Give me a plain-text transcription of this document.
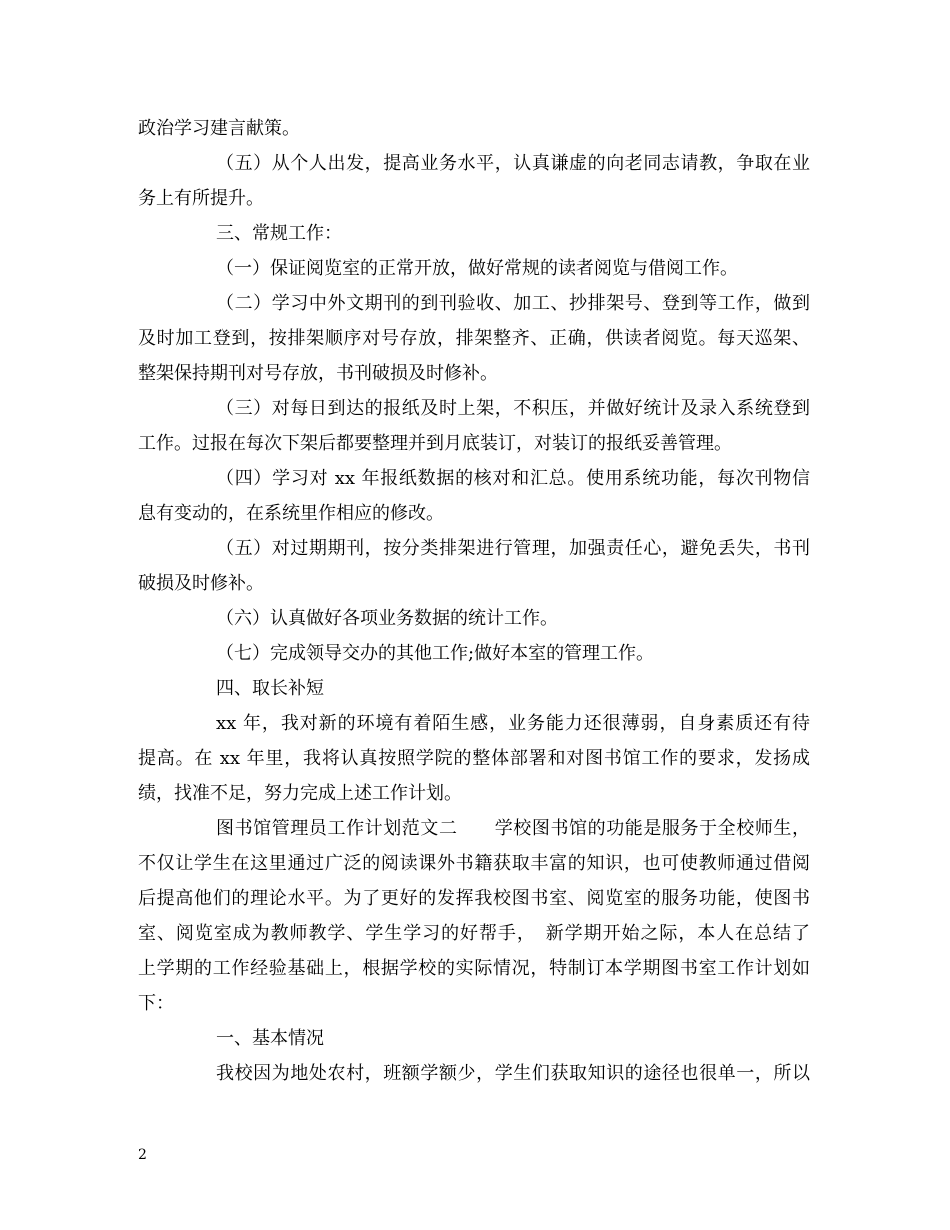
政治学习建言献策。
（五）从个人出发，提高业务水平，认真谦虚的向老同志请教，争取在业
务上有所提升。
三、常规工作：
（一）保证阅览室的正常开放，做好常规的读者阅览与借阅工作。
（二）学习中外文期刊的到刊验收、加工、抄排架号、登到等工作，做到
及时加工登到，按排架顺序对号存放，排架整齐、正确，供读者阅览。每天巡架、
整架保持期刊对号存放，书刊破损及时修补。
（三）对每日到达的报纸及时上架，不积压，并做好统计及录入系统登到
工作。过报在每次下架后都要整理并到月底装订，对装订的报纸妥善管理。
（四）学习对 xx 年报纸数据的核对和汇总。使用系统功能，每次刊物信
息有变动的，在系统里作相应的修改。
（五）对过期期刊，按分类排架进行管理，加强责任心，避免丢失，书刊
破损及时修补。
（六）认真做好各项业务数据的统计工作。
（七）完成领导交办的其他工作;做好本室的管理工作。
四、取长补短
xx 年，我对新的环境有着陌生感，业务能力还很薄弱，自身素质还有待
提高。在 xx 年里，我将认真按照学院的整体部署和对图书馆工作的要求，发扬成
绩，找准不足，努力完成上述工作计划。
图书馆管理员工作计划范文二　　学校图书馆的功能是服务于全校师生，
不仅让学生在这里通过广泛的阅读课外书籍获取丰富的知识，也可使教师通过借阅
后提高他们的理论水平。为了更好的发挥我校图书室、阅览室的服务功能，使图书
室、阅览室成为教师教学、学生学习的好帮手，　新学期开始之际，本人在总结了
上学期的工作经验基础上，根据学校的实际情况，特制订本学期图书室工作计划如
下：
一、基本情况
我校因为地处农村，班额学额少，学生们获取知识的途径也很单一，所以
2
